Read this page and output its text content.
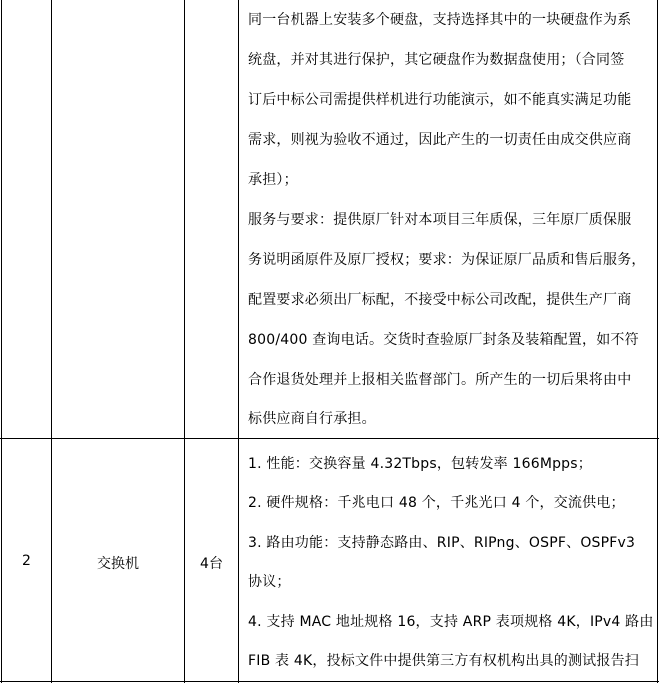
同一台机器上安装多个硬盘，支持选择其中的一块硬盘作为系
统盘，并对其进行保护，其它硬盘作为数据盘使用；（合同签
订后中标公司需提供样机进行功能演示，如不能真实满足功能
需求，则视为验收不通过，因此产生的一切责任由成交供应商
承担）；
服务与要求：提供原厂针对本项目三年质保，三年原厂质保服
务说明函原件及原厂授权；要求：为保证原厂品质和售后服务，
配置要求必须出厂标配，不接受中标公司改配，提供生产厂商
800/400 查询电话。交货时查验原厂封条及装箱配置，如不符
合作退货处理并上报相关监督部门。所产生的一切后果将由中
标供应商自行承担。
2	交换机	4台
1. 性能：交换容量 4.32Tbps，包转发率 166Mpps；
2. 硬件规格：千兆电口 48 个，千兆光口 4 个，交流供电；
3. 路由功能：支持静态路由、RIP、RIPng、OSPF、OSPFv3
协议；
4. 支持 MAC 地址规格 16，支持 ARP 表项规格 4K，IPv4 路由
FIB 表 4K，投标文件中提供第三方有权机构出具的测试报告扫
